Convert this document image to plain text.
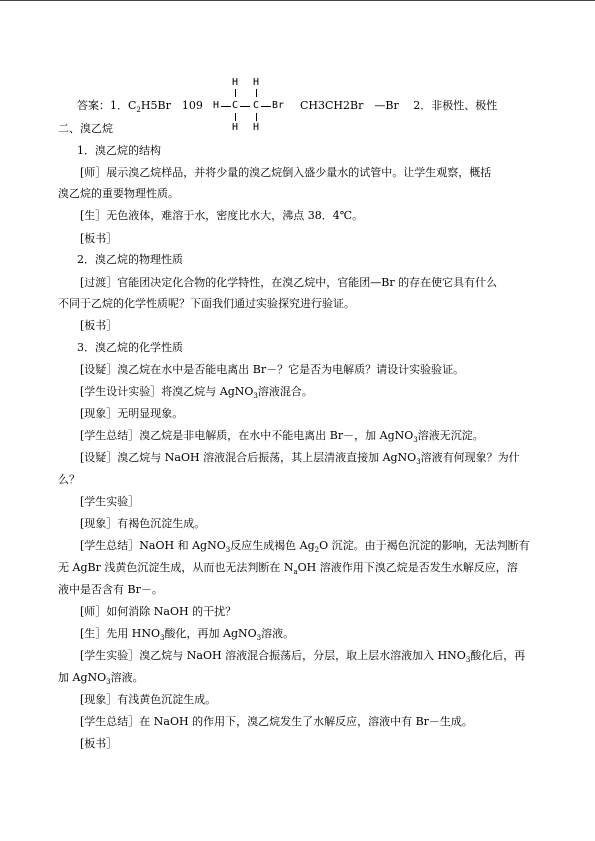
答案：1．$C_2H5Br$　109
H H
H C C Br
H H
CH3CH2Br　—Br　 2．非极性、极性
二、溴乙烷
1．溴乙烷的结构
[师］展示溴乙烷样品，并将少量的溴乙烷倒入盛少量水的试管中。让学生观察，概括
溴乙烷的重要物理性质。
[生］无色液体，难溶于水，密度比水大，沸点 38．4℃。
[板书］
2．溴乙烷的物理性质
[过渡］官能团决定化合物的化学特性，在溴乙烷中，官能团—Br 的存在使它具有什么
不同于乙烷的化学性质呢？下面我们通过实验探究进行验证。
[板书］
3．溴乙烷的化学性质
[设疑］溴乙烷在水中是否能电离出 Br－？它是否为电解质？请设计实验验证。
[学生设计实验］将溴乙烷与 AgNO$_3$溶液混合。
[现象］无明显现象。
[学生总结］溴乙烷是非电解质，在水中不能电离出 Br－，加 AgNO$_3$溶液无沉淀。
[设疑］溴乙烷与 NaOH 溶液混合后振荡，其上层清液直接加 AgNO$_3$溶液有何现象？为什
么？
[学生实验］
[现象］有褐色沉淀生成。
[学生总结］NaOH 和 AgNO$_3$反应生成褐色 $Ag_2O$ 沉淀。由于褐色沉淀的影响，无法判断有
无 AgBr 浅黄色沉淀生成，从而也无法判断在 $N_aOH$ 溶液作用下溴乙烷是否发生水解反应，溶
液中是否含有 Br－。
[师］如何消除 NaOH 的干扰？
[生］先用 $HNO_3$酸化，再加 AgNO$_3$溶液。
[学生实验］溴乙烷与 NaOH 溶液混合振荡后，分层，取上层水溶液加入 $HNO_3$酸化后，再
加 AgNO$_3$溶液。
[现象］有浅黄色沉淀生成。
[学生总结］在 NaOH 的作用下，溴乙烷发生了水解反应，溶液中有 Br－生成。
[板书］
